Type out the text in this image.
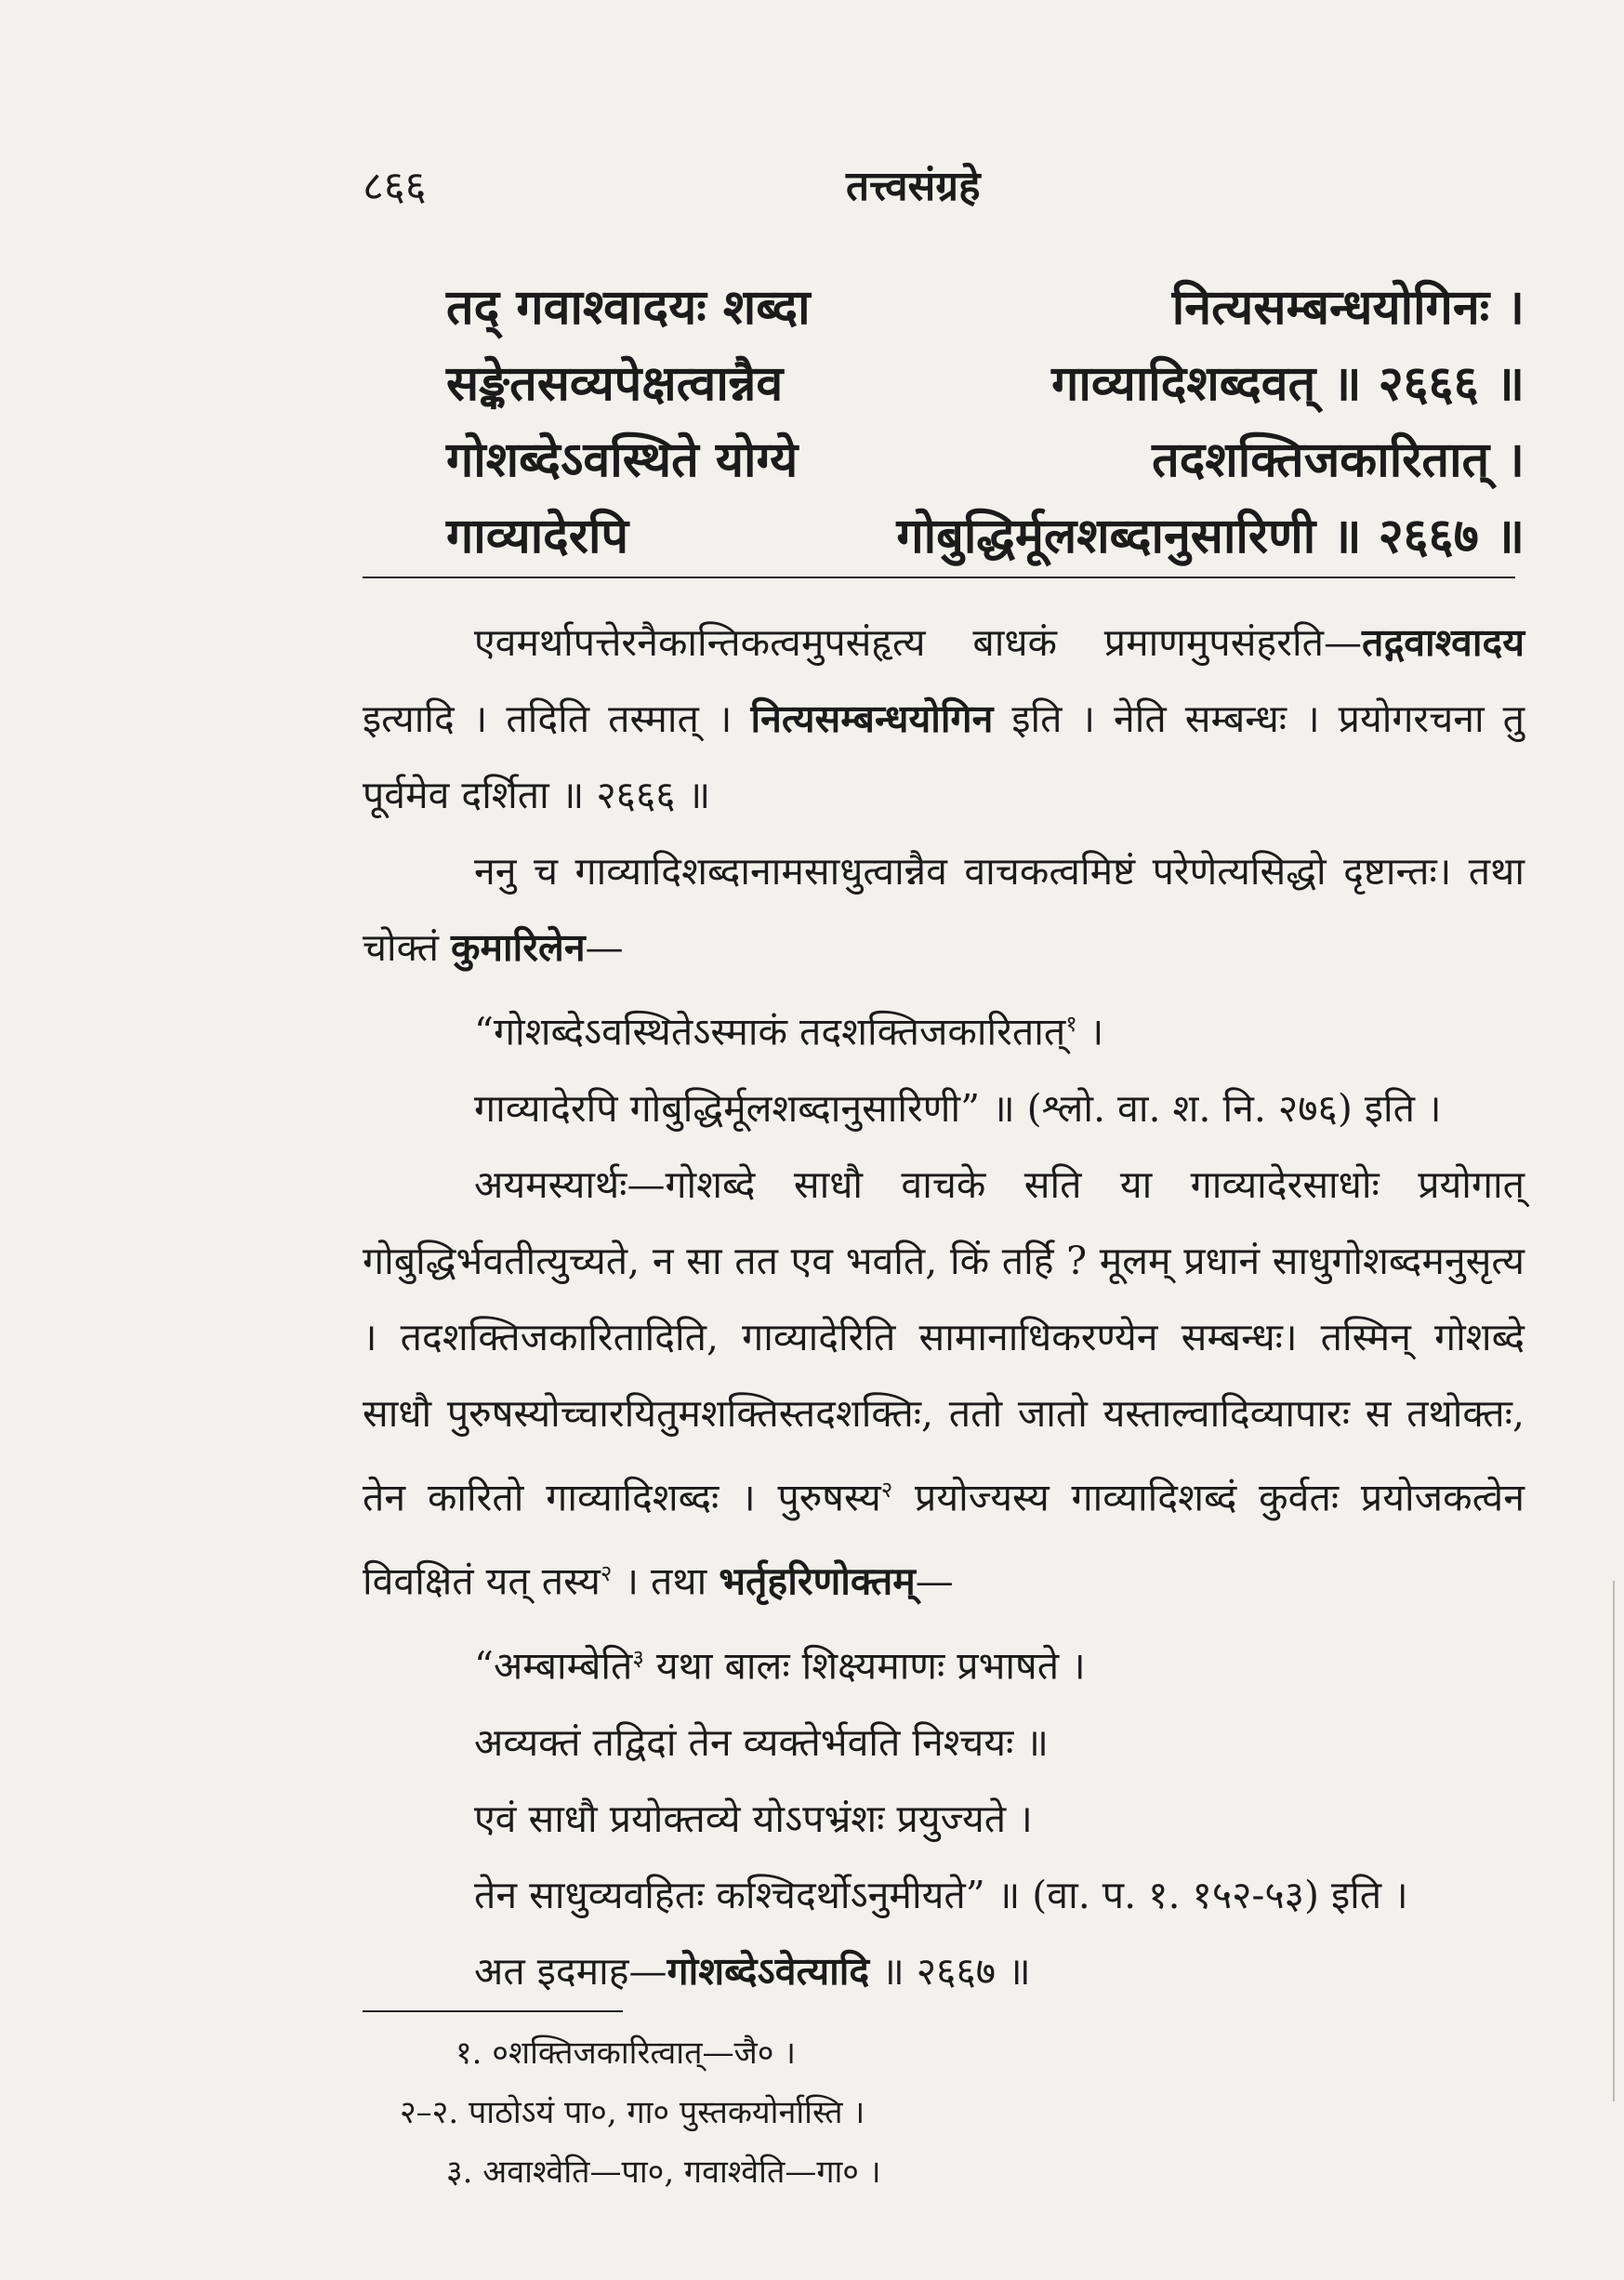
८६६	तत्त्वसंग्रहे
तद् गवाश्वादयः शब्दा	नित्यसम्बन्धयोगिनः ।
सङ्केतसव्यपेक्षत्वान्नैव	गाव्यादिशब्दवत् ॥ २६६६ ॥
गोशब्देऽवस्थिते योग्ये	तदशक्तिजकारितात् ।
गाव्यादेरपि	गोबुद्धिर्मूलशब्दानुसारिणी ॥ २६६७ ॥

एवमर्थापत्तेरनैकान्तिकत्वमुपसंहृत्य बाधकं प्रमाणमुपसंहरति—तद्गवाश्वादय इत्यादि । तदिति तस्मात् । नित्यसम्बन्धयोगिन इति । नेति सम्बन्धः । प्रयोगरचना तु पूर्वमेव दर्शिता ॥ २६६६ ॥

ननु च गाव्यादिशब्दानामसाधुत्वान्नैव वाचकत्वमिष्टं परेणेत्यसिद्धो दृष्टान्तः। तथा चोक्तं कुमारिलेन—

“गोशब्देऽवस्थितेऽस्माकं तदशक्तिजकारितात्$^१$ ।

गाव्यादेरपि गोबुद्धिर्मूलशब्दानुसारिणी” ॥ (श्लो. वा. श. नि. २७६) इति ।

अयमस्यार्थः—गोशब्दे साधौ वाचके सति या गाव्यादेरसाधोः प्रयोगात् गोबुद्धिर्भवतीत्युच्यते, न सा तत एव भवति, किं तर्हि ? मूलम् प्रधानं साधुगोशब्दमनुसृत्य । तदशक्तिजकारितादिति, गाव्यादेरिति सामानाधिकरण्येन सम्बन्धः। तस्मिन् गोशब्दे साधौ पुरुषस्योच्चारयितुमशक्तिस्तदशक्तिः, ततो जातो यस्ताल्वादिव्यापारः स तथोक्तः, तेन कारितो गाव्यादिशब्दः । पुरुषस्य$^२$ प्रयोज्यस्य गाव्यादिशब्दं कुर्वतः प्रयोजकत्वेन विवक्षितं यत् तस्य$^२$ । तथा भर्तृहरिणोक्तम्—

“अम्बाम्बेति$^३$ यथा बालः शिक्ष्यमाणः प्रभाषते ।

अव्यक्तं तद्विदां तेन व्यक्तेर्भवति निश्चयः ॥

एवं साधौ प्रयोक्तव्ये योऽपभ्रंशः प्रयुज्यते ।

तेन साधुव्यवहितः कश्चिदर्थोऽनुमीयते” ॥ (वा. प. १. १५२-५३) इति ।

अत इदमाह—गोशब्देऽवेत्यादि ॥ २६६७ ॥

१. ०शक्तिजकारित्वात्—जै० ।
२–२. पाठोऽयं पा०, गा० पुस्तकयोर्नास्ति ।
३. अवाश्वेति—पा०, गवाश्वेति—गा० ।
